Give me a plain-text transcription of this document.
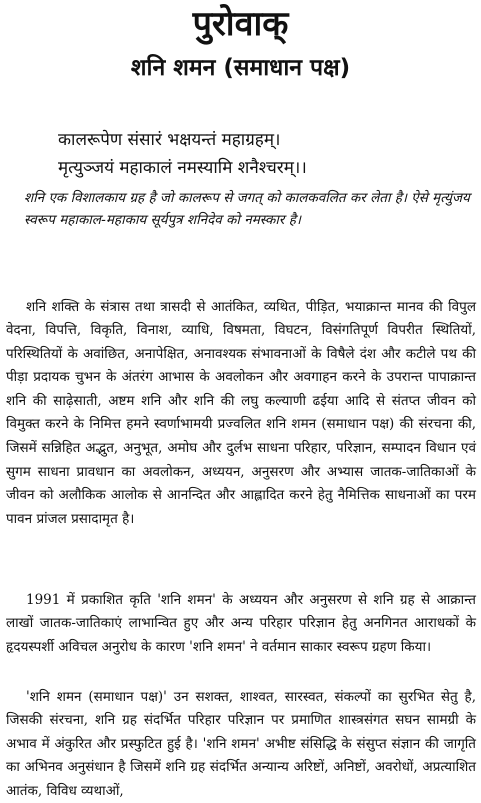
पुरोवाक्
शनि शमन (समाधान पक्ष)
कालरूपेण संसारं भक्षयन्तं महाग्रहम्।
मृत्युञ्जयं महाकालं नमस्यामि शनैश्चरम्।।
शनि एक विशालकाय ग्रह है जो कालरूप से जगत् को कालकवलित कर लेता है। ऐसे मृत्युंजय स्वरूप महाकाल-महाकाय सूर्यपुत्र शनिदेव को नमस्कार है।

शनि शक्ति के संत्रास तथा त्रासदी से आतंकित, व्यथित, पीड़ित, भयाक्रान्त मानव की विपुल वेदना, विपत्ति, विकृति, विनाश, व्याधि, विषमता, विघटन, विसंगतिपूर्ण विपरीत स्थितियों, परिस्थितियों के अवांछित, अनापेक्षित, अनावश्यक संभावनाओं के विषैले दंश और कटीले पथ की पीड़ा प्रदायक चुभन के अंतरंग आभास के अवलोकन और अवगाहन करने के उपरान्त पापाक्रान्त शनि की साढ़ेसाती, अष्टम शनि और शनि की लघु कल्याणी ढईया आदि से संतप्त जीवन को विमुक्त करने के निमित्त हमने स्वर्णाभामयी प्रज्वलित शनि शमन (समाधान पक्ष) की संरचना की, जिसमें सन्निहित अद्भुत, अनुभूत, अमोघ और दुर्लभ साधना परिहार, परिज्ञान, सम्पादन विधान एवं सुगम साधना प्रावधान का अवलोकन, अध्ययन, अनुसरण और अभ्यास जातक-जातिकाओं के जीवन को अलौकिक आलोक से आनन्दित और आह्लादित करने हेतु नैमित्तिक साधनाओं का परम पावन प्रांजल प्रसादामृत है।

1991 में प्रकाशित कृति 'शनि शमन' के अध्ययन और अनुसरण से शनि ग्रह से आक्रान्त लाखों जातक-जातिकाएं लाभान्वित हुए और अन्य परिहार परिज्ञान हेतु अनगिनत आराधकों के हृदयस्पर्शी अविचल अनुरोध के कारण 'शनि शमन' ने वर्तमान साकार स्वरूप ग्रहण किया।

'शनि शमन (समाधान पक्ष)' उन सशक्त, शाश्वत, सारस्वत, संकल्पों का सुरभित सेतु है, जिसकी संरचना, शनि ग्रह संदर्भित परिहार परिज्ञान पर प्रमाणित शास्त्रसंगत सघन सामग्री के अभाव में अंकुरित और प्रस्फुटित हुई है। 'शनि शमन' अभीष्ट संसिद्धि के संसुप्त संज्ञान की जागृति का अभिनव अनुसंधान है जिसमें शनि ग्रह संदर्भित अन्यान्य अरिष्टों, अनिष्टों, अवरोधों, अप्रत्याशित आतंक, विविध व्यथाओं,
